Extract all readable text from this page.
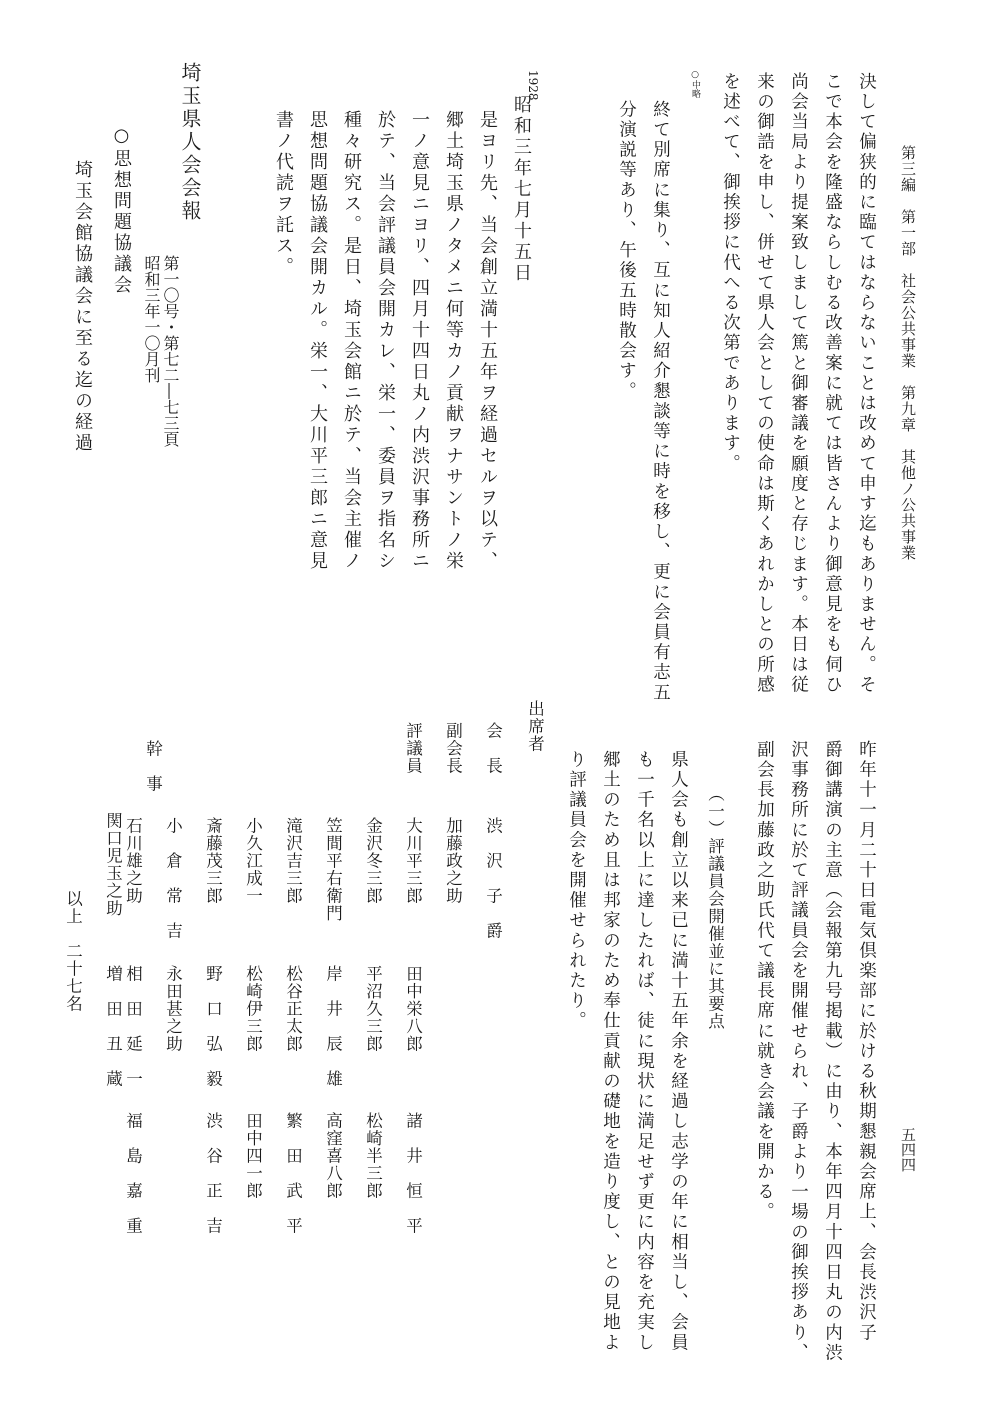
第三編　第一部　社会公共事業　第九章　其他ノ公共事業
五四四
決して偏狭的に臨てはならないことは改めて申す迄もありません。そ
こで本会を隆盛ならしむる改善案に就ては皆さんより御意見をも伺ひ
尚会当局より提案致しまして篤と御審議を願度と存じます。本日は従
来の御誥を申し、併せて県人会としての使命は斯くあれかしとの所感
を述べて、御挨拶に代へる次第であります。
○中略
終て別席に集り、互に知人紹介懇談等に時を移し、更に会員有志五
分演説等あり、午後五時散会す。
1928
昭和三年七月十五日
是ヨリ先、当会創立満十五年ヲ経過セルヲ以テ、
郷土埼玉県ノタメニ何等カノ貢献ヲナサントノ栄
一ノ意見ニヨリ、四月十四日丸ノ内渋沢事務所ニ
於テ、当会評議員会開カレ、栄一、委員ヲ指名シ
種々研究ス。是日、埼玉会館ニ於テ、当会主催ノ
思想問題協議会開カル。栄一、大川平三郎ニ意見
書ノ代読ヲ託ス。
埼玉県人会会報
第一〇号・第七二―七三頁
昭和三年一〇月刊
○思想問題協議会
埼玉会館協議会に至る迄の経過
昨年十一月二十日電気倶楽部に於ける秋期懇親会席上、会長渋沢子
爵御講演の主意（会報第九号掲載）に由り、本年四月十四日丸の内渋
沢事務所に於て評議員会を開催せられ、子爵より一場の御挨拶あり、
副会長加藤政之助氏代て議長席に就き会議を開かる。
（一）評議員会開催並に其要点
県人会も創立以来已に満十五年余を経過し志学の年に相当し、会員
も一千名以上に達したれば、徒に現状に満足せず更に内容を充実し
郷土のため且は邦家のため奉仕貢献の礎地を造り度し、との見地よ
り評議員会を開催せられたり。
出席者
会　長
渋　沢　子　爵
副会長
加藤政之助
評議員
大川平三郎
田中栄八郎
諸　井　恒　平
金沢冬三郎
平沼久三郎
松崎半三郎
笠間平右衛門
岸　井　辰　雄
高窪喜八郎
滝沢吉三郎
松谷正太郎
繁　田　武　平
小久江成一
松崎伊三郎
田中四一郎
斎藤茂三郎
野　口　弘　毅
渋　谷　正　吉
小　倉　常　吉
永田甚之助
幹　事
石川雄之助
相　田　延　一
福　島　嘉　重
関口児玉之助
増　田　丑　蔵
以上　二十七名
